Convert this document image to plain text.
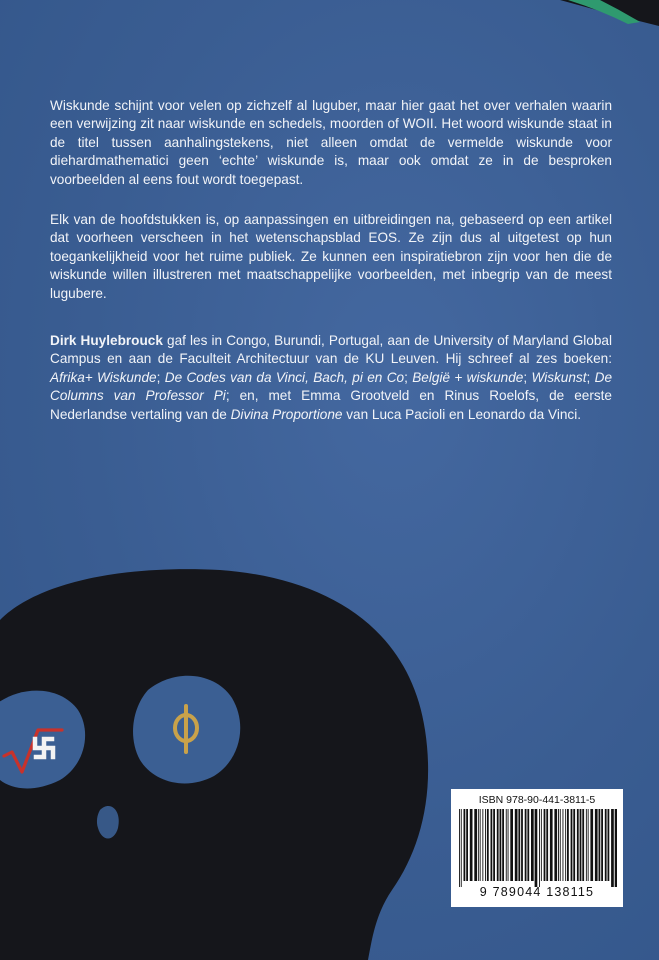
Wiskunde schijnt voor velen op zichzelf al luguber, maar hier gaat het over verhalen waarin een verwijzing zit naar wiskunde en schedels, moorden of WOII. Het woord wiskunde staat in de titel tussen aanhalingstekens, niet alleen omdat de vermelde wiskunde voor diehardmathematici geen ‘echte’ wiskunde is, maar ook omdat ze in de besproken voorbeelden al eens fout wordt toegepast.

Elk van de hoofdstukken is, op aanpassingen en uitbreidingen na, gebaseerd op een artikel dat voorheen verscheen in het wetenschapsblad EOS. Ze zijn dus al uitgetest op hun toegankelijkheid voor het ruime publiek. Ze kunnen een inspiratiebron zijn voor hen die de wiskunde willen illustreren met maatschappelijke voorbeelden, met inbegrip van de meest lugubere.

Dirk Huylebrouck gaf les in Congo, Burundi, Portugal, aan de University of Maryland Global Campus en aan de Faculteit Architectuur van de KU Leuven. Hij schreef al zes boeken: Afrika+ Wiskunde; De Codes van da Vinci, Bach, pi en Co; België + wiskunde; Wiskunst; De Columns van Professor Pi; en, met Emma Grootveld en Rinus Roelofs, de eerste Nederlandse vertaling van de Divina Proportione van Luca Pacioli en Leonardo da Vinci.

ISBN 978-90-441-3811-5
9 789044 138115
